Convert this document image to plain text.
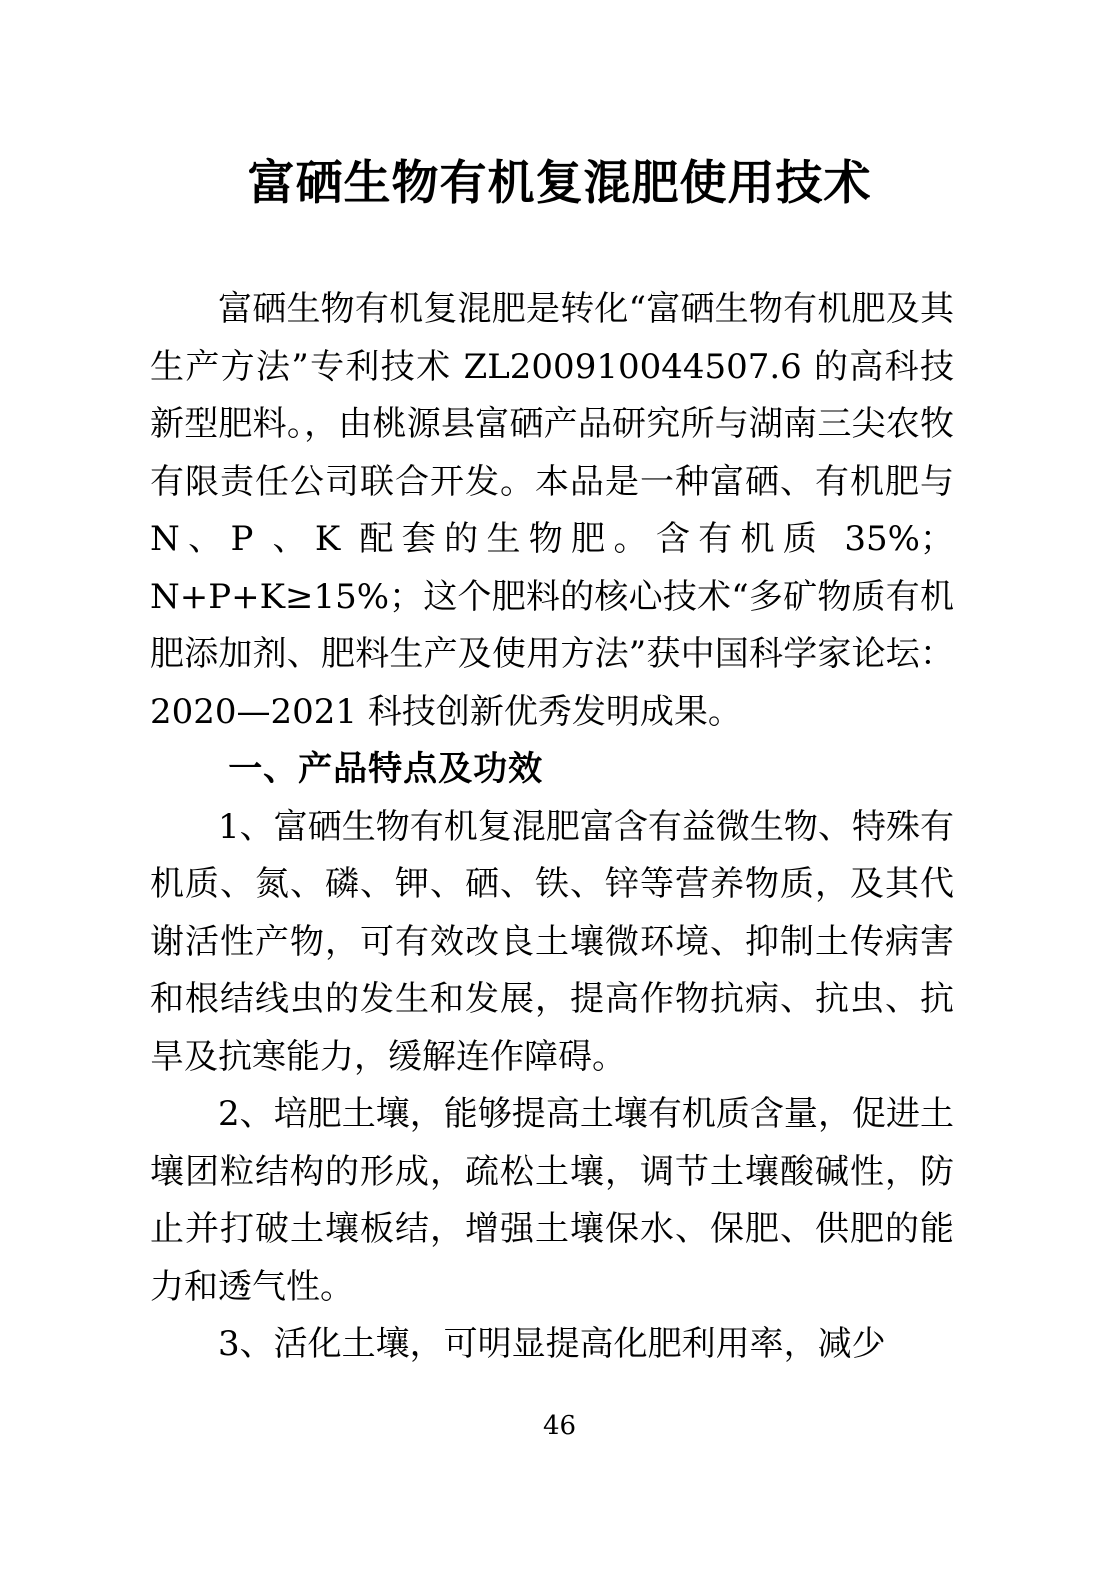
富硒生物有机复混肥使用技术

富硒生物有机复混肥是转化“富硒生物有机肥及其生产方法”专利技术 ZL200910044507.6 的高科技新型肥料。，由桃源县富硒产品研究所与湖南三尖农牧有限责任公司联合开发。本品是一种富硒、有机肥与 N、P 、K 配套的生物肥。含有机质 35%；N+P+K≥15%；这个肥料的核心技术“多矿物质有机肥添加剂、肥料生产及使用方法”获中国科学家论坛：2020—2021 科技创新优秀发明成果。

一、产品特点及功效

1、富硒生物有机复混肥富含有益微生物、特殊有机质、氮、磷、钾、硒、铁、锌等营养物质，及其代谢活性产物，可有效改良土壤微环境、抑制土传病害和根结线虫的发生和发展，提高作物抗病、抗虫、抗旱及抗寒能力，缓解连作障碍。

2、培肥土壤，能够提高土壤有机质含量，促进土壤团粒结构的形成，疏松土壤，调节土壤酸碱性，防止并打破土壤板结，增强土壤保水、保肥、供肥的能力和透气性。

3、活化土壤，可明显提高化肥利用率，减少

46
